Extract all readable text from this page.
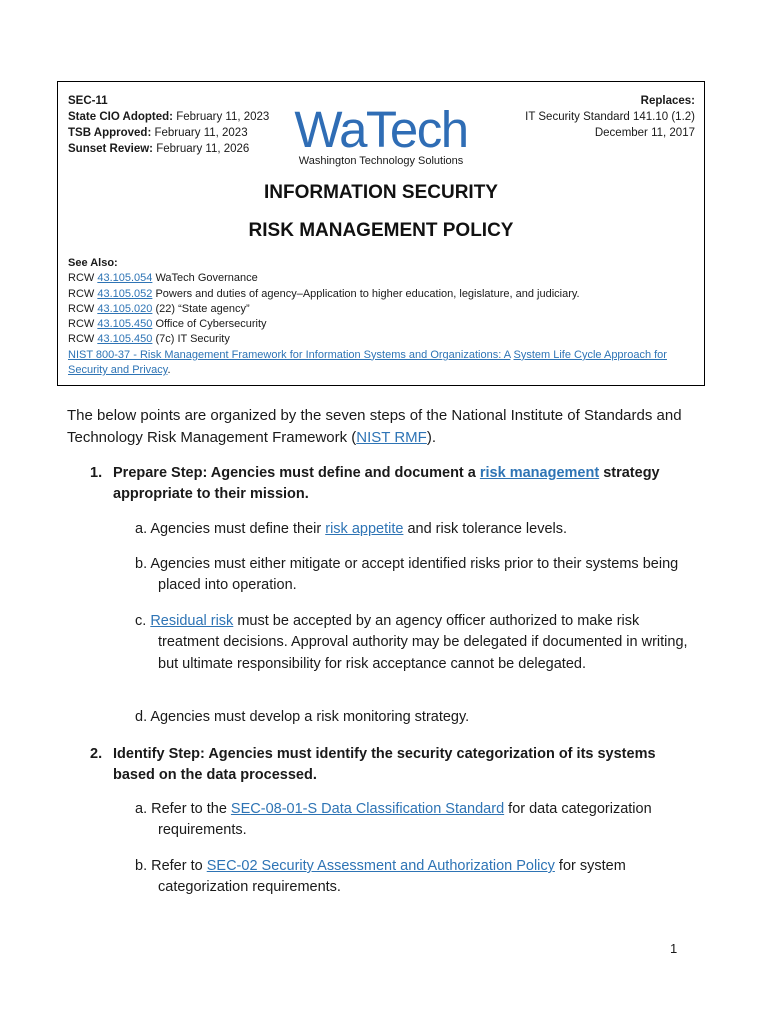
SEC-11
State CIO Adopted: February 11, 2023
TSB Approved: February 11, 2023
Sunset Review: February 11, 2026 WaTech
Washington Technology Solutions
Replaces:
IT Security Standard 141.10 (1.2)
December 11, 2017
INFORMATION SECURITY
RISK MANAGEMENT POLICY
See Also:
RCW 43.105.054 WaTech Governance
RCW 43.105.052 Powers and duties of agency–Application to higher education, legislature, and judiciary.
RCW 43.105.020 (22) “State agency”
RCW 43.105.450 Office of Cybersecurity
RCW 43.105.450 (7c) IT Security
NIST 800-37 - Risk Management Framework for Information Systems and Organizations: A System Life Cycle Approach for Security and Privacy.
The below points are organized by the seven steps of the National Institute of Standards and Technology Risk Management Framework (NIST RMF).
1. Prepare Step: Agencies must define and document a risk management strategy appropriate to their mission.
a. Agencies must define their risk appetite and risk tolerance levels.
b. Agencies must either mitigate or accept identified risks prior to their systems being placed into operation.
c. Residual risk must be accepted by an agency officer authorized to make risk treatment decisions. Approval authority may be delegated if documented in writing, but ultimate responsibility for risk acceptance cannot be delegated.
d. Agencies must develop a risk monitoring strategy.
2. Identify Step: Agencies must identify the security categorization of its systems based on the data processed.
a. Refer to the SEC-08-01-S Data Classification Standard for data categorization requirements.
b. Refer to SEC-02 Security Assessment and Authorization Policy for system categorization requirements.
1
